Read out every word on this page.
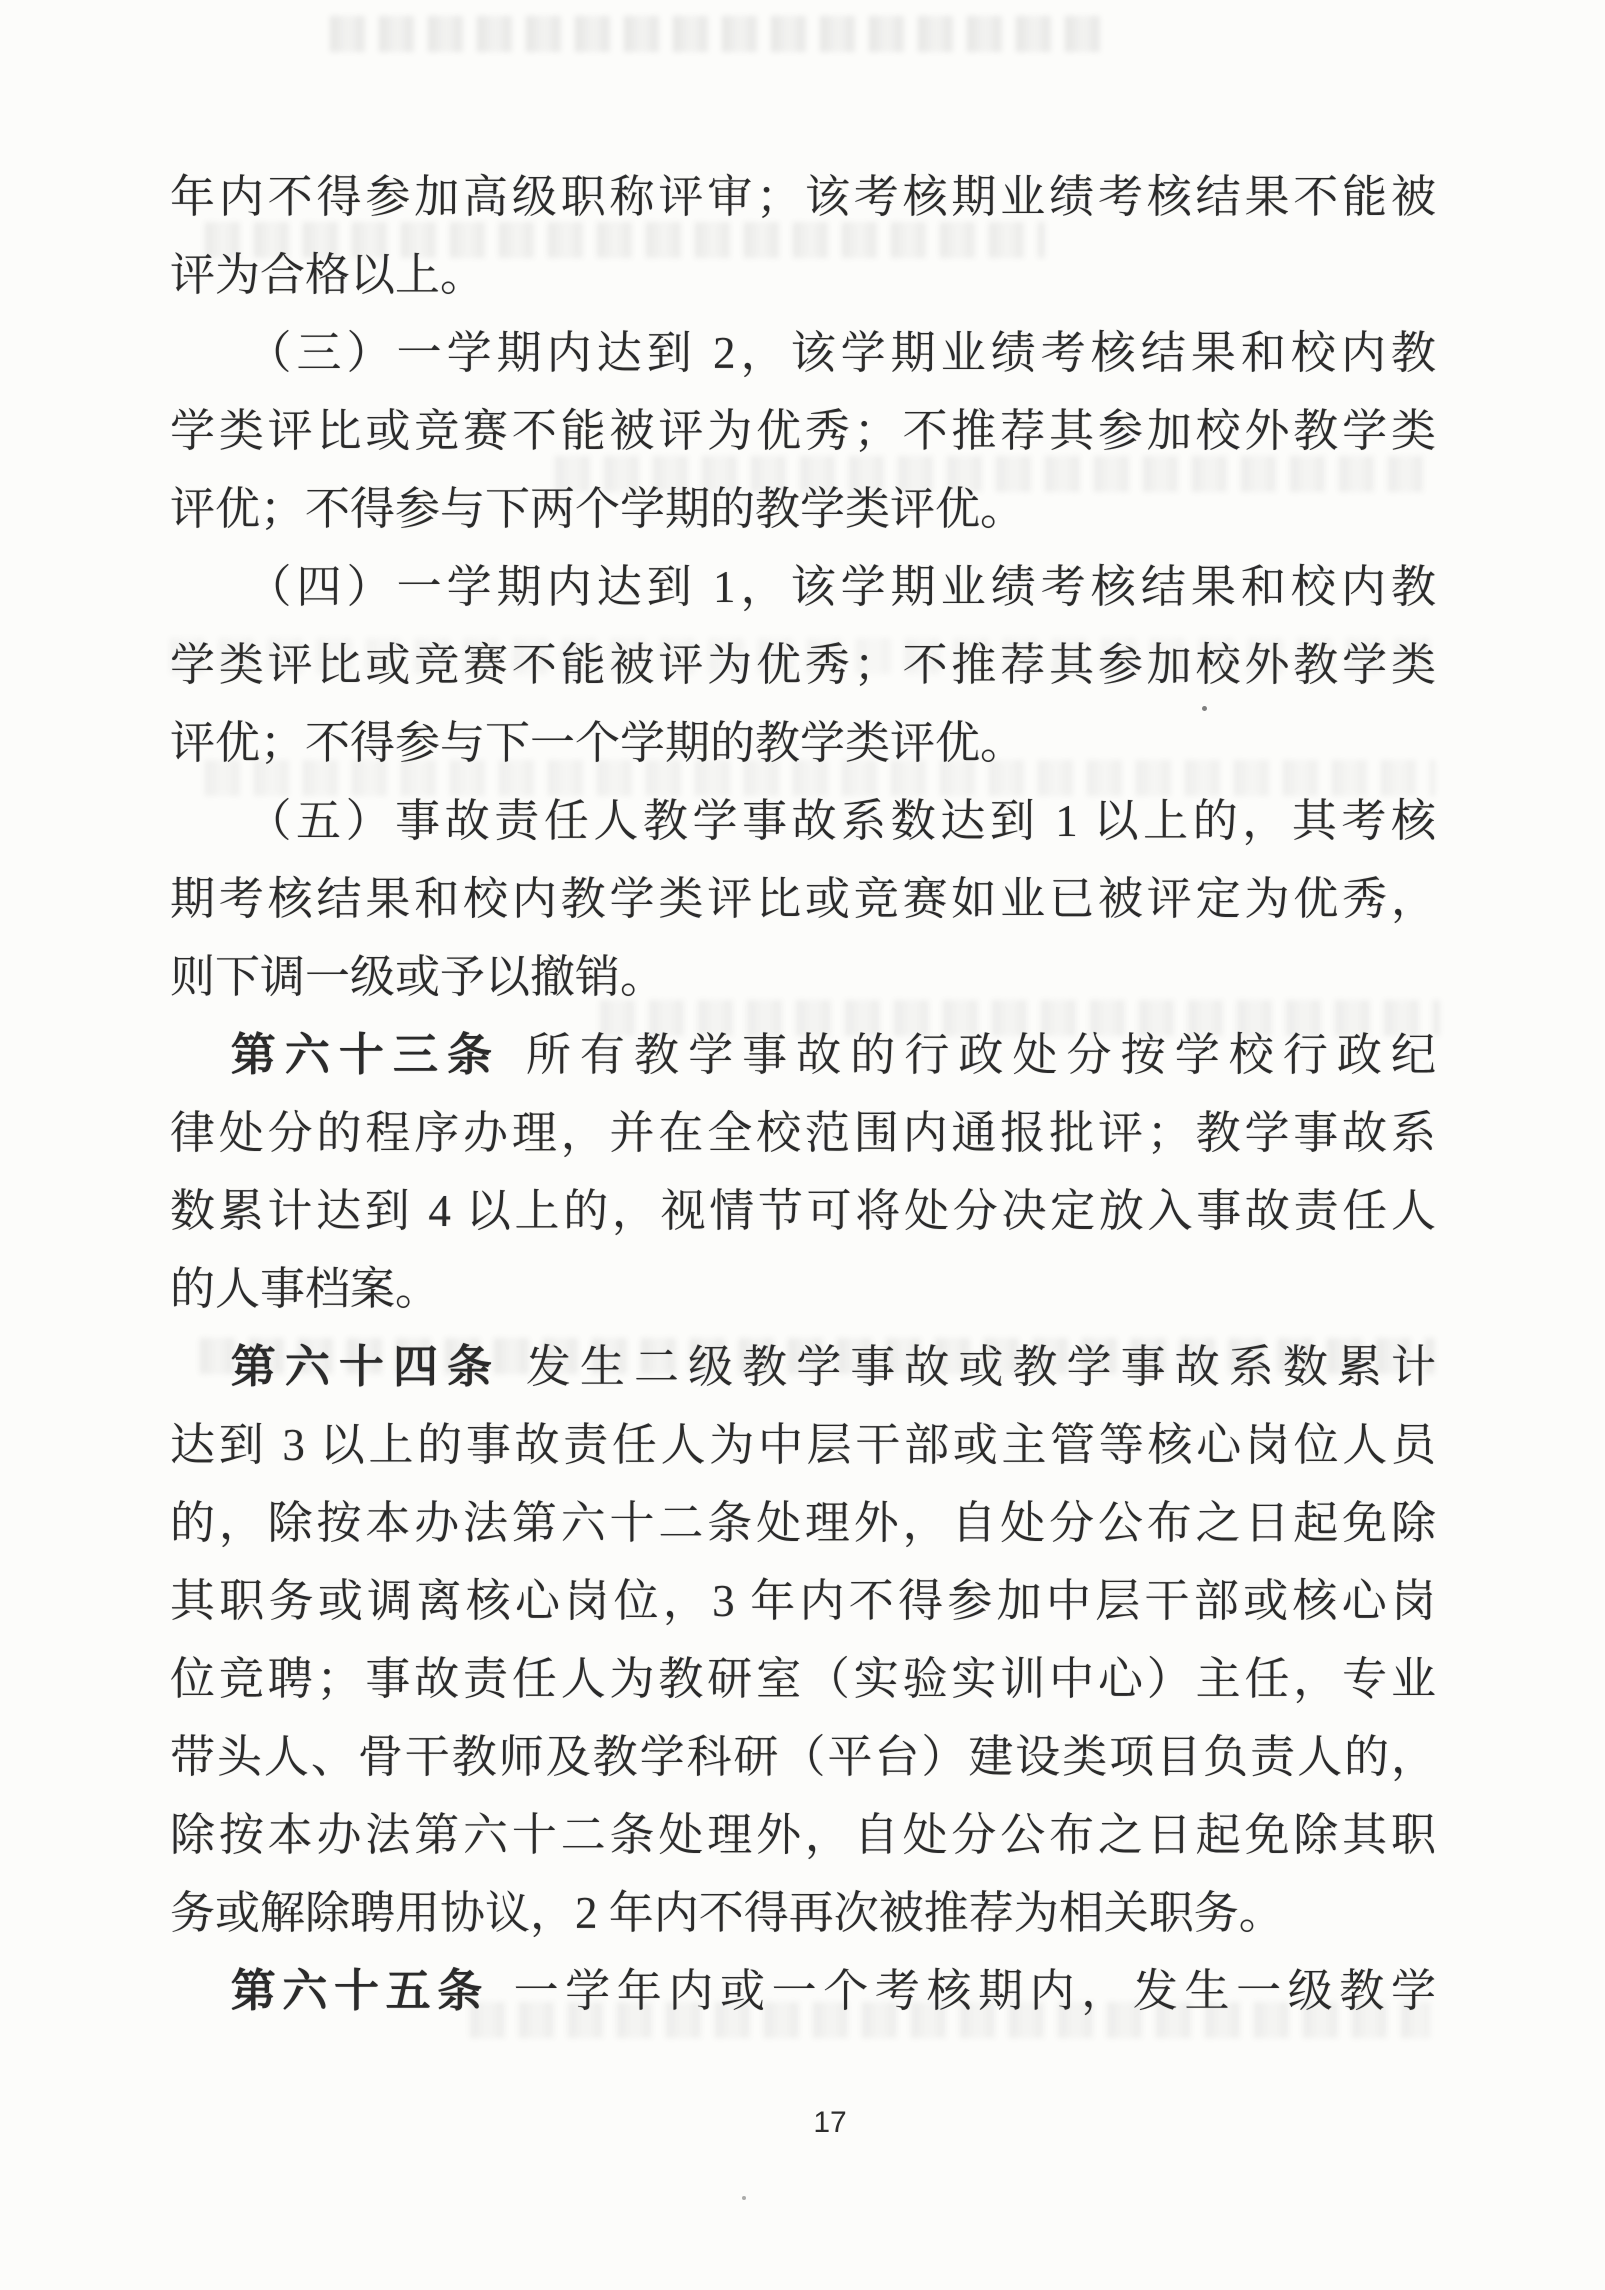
年内不得参加高级职称评审；该考核期业绩考核结果不能被
评为合格以上。
（三）一学期内达到 2，该学期业绩考核结果和校内教
学类评比或竞赛不能被评为优秀；不推荐其参加校外教学类
评优；不得参与下两个学期的教学类评优。
（四）一学期内达到 1，该学期业绩考核结果和校内教
学类评比或竞赛不能被评为优秀；不推荐其参加校外教学类
评优；不得参与下一个学期的教学类评优。
（五）事故责任人教学事故系数达到 1 以上的，其考核
期考核结果和校内教学类评比或竞赛如业已被评定为优秀，
则下调一级或予以撤销。
第六十三条 所有教学事故的行政处分按学校行政纪
律处分的程序办理，并在全校范围内通报批评；教学事故系
数累计达到 4 以上的，视情节可将处分决定放入事故责任人
的人事档案。
第六十四条 发生二级教学事故或教学事故系数累计
达到 3 以上的事故责任人为中层干部或主管等核心岗位人员
的，除按本办法第六十二条处理外，自处分公布之日起免除
其职务或调离核心岗位，3 年内不得参加中层干部或核心岗
位竞聘；事故责任人为教研室（实验实训中心）主任，专业
带头人、骨干教师及教学科研（平台）建设类项目负责人的，
除按本办法第六十二条处理外，自处分公布之日起免除其职
务或解除聘用协议，2 年内不得再次被推荐为相关职务。
第六十五条 一学年内或一个考核期内，发生一级教学
17
